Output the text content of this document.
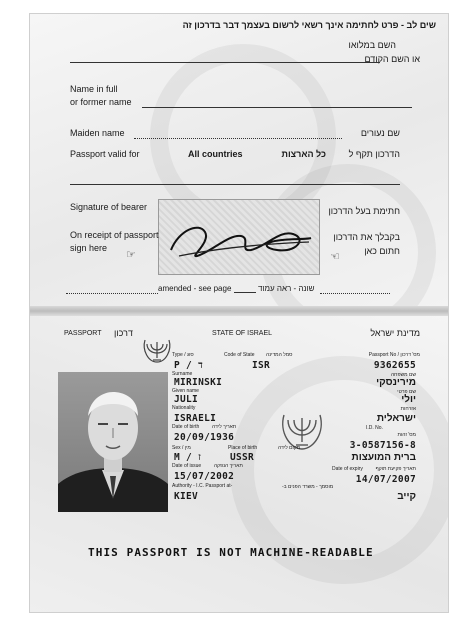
שים לב - פרט לחתימה אינך רשאי לרשום בעצמך דבר בדרכון זה
השם במלואו
או השם הקודם
Name in full
or former name
Maiden name	שם נעורים
Passport valid for	All countries	כל הארצות	הדרכון תקף ל
Signature of bearer	חתימת בעל הדרכון
On receipt of passport
sign here
☞
בקבלך את הדרכון
חתום כאן
☞
amended - see page	שונה - ראה עמוד
PASSPORT דרכון	STATE OF ISRAEL	מדינת ישראל
Type / סוג	Code of State סמל המדינה	Passport No / מס' דרכון
P / ד	ISR	9362655
Surname	שם משפחה
MIRINSKI	מירינסקי
Given name	שם פרטי
JULI	יולי
Nationality	אזרחות
ISRAELI	ישראלית
Date of birth	תאריך לידה	I.D. No.
מס' זהות
20/09/1936
3-0587156-8
Sex / מין	Place of birth	מקום לידה
M / ז	USSR	ברית המועצות
Date of issue	תאריך הנפקה	Date of expiry	תאריך פקיעת תוקף
15/07/2002	14/07/2007
Authority - I.C. Passport at-	מוסמך - משרד הפנים ב-
KIEV	קייב
THIS PASSPORT IS NOT MACHINE-READABLE
